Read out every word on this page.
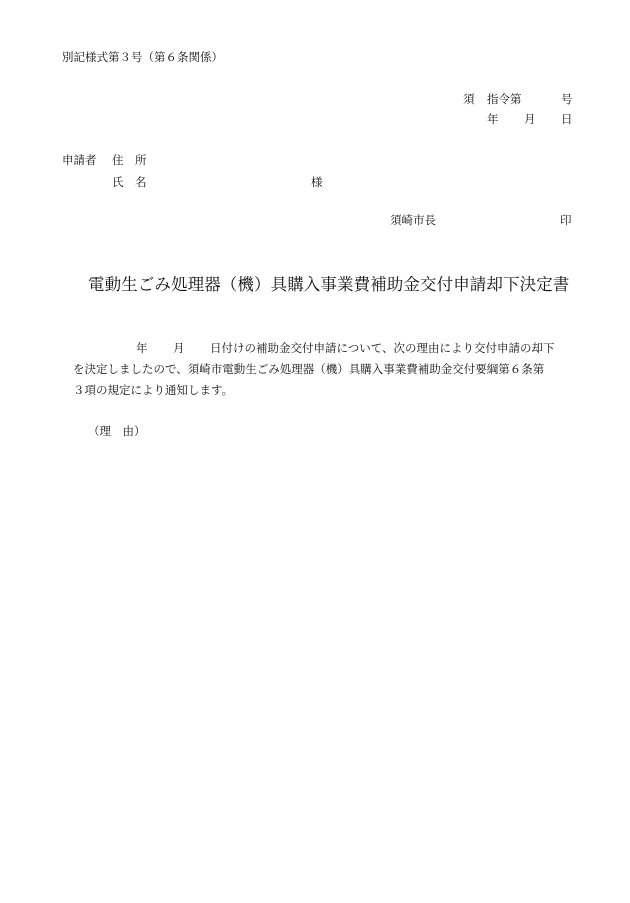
別記様式第３号（第６条関係）
須 指令第	号
年 月 日
申請者 住　所
氏　名	様
須崎市長	印
電動生ごみ処理器（機）具購入事業費補助金交付申請却下決定書
年 月 日付けの補助金交付申請について、次の理由により交付申請の却下
を決定しましたので、須崎市電動生ごみ処理器（機）具購入事業費補助金交付要綱第６条第
３項の規定により通知します。
（理　由）
